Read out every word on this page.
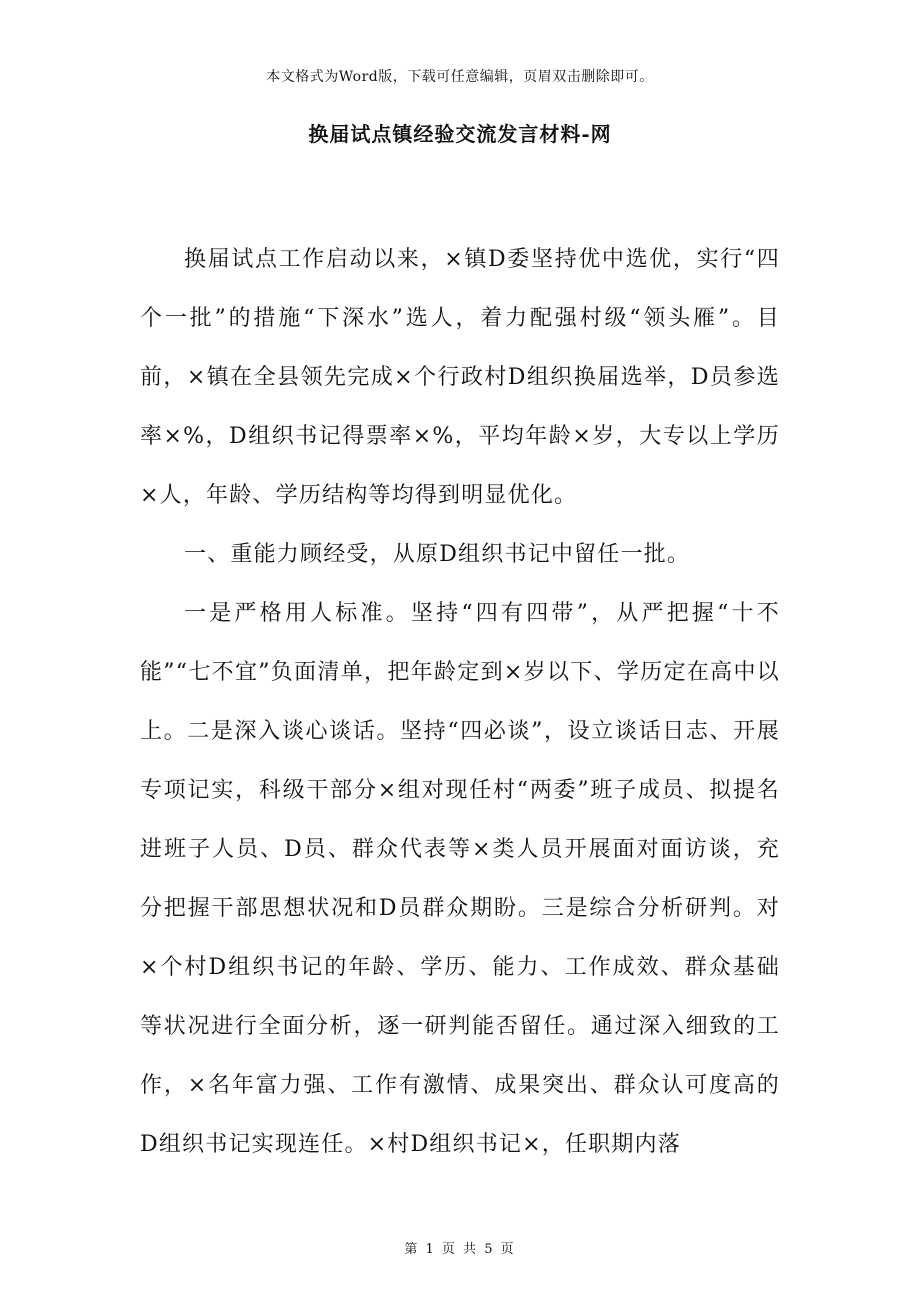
本文格式为Word版，下载可任意编辑，页眉双击删除即可。
换届试点镇经验交流发言材料-网

换届试点工作启动以来，×镇D委坚持优中选优，实行“四个一批”的措施“下深水”选人，着力配强村级“领头雁”。目前，×镇在全县领先完成×个行政村D组织换届选举，D员参选率×%，D组织书记得票率×%，平均年龄×岁，大专以上学历×人，年龄、学历结构等均得到明显优化。

一、重能力顾经受，从原D组织书记中留任一批。

一是严格用人标准。坚持“四有四带”，从严把握“十不能”“七不宜”负面清单，把年龄定到×岁以下、学历定在高中以上。二是深入谈心谈话。坚持“四必谈”，设立谈话日志、开展专项记实，科级干部分×组对现任村“两委”班子成员、拟提名进班子人员、D员、群众代表等×类人员开展面对面访谈，充分把握干部思想状况和D员群众期盼。三是综合分析研判。对×个村D组织书记的年龄、学历、能力、工作成效、群众基础等状况进行全面分析，逐一研判能否留任。通过深入细致的工作，×名年富力强、工作有激情、成果突出、群众认可度高的D组织书记实现连任。×村D组织书记×，任职期内落

第 1 页 共 5 页
